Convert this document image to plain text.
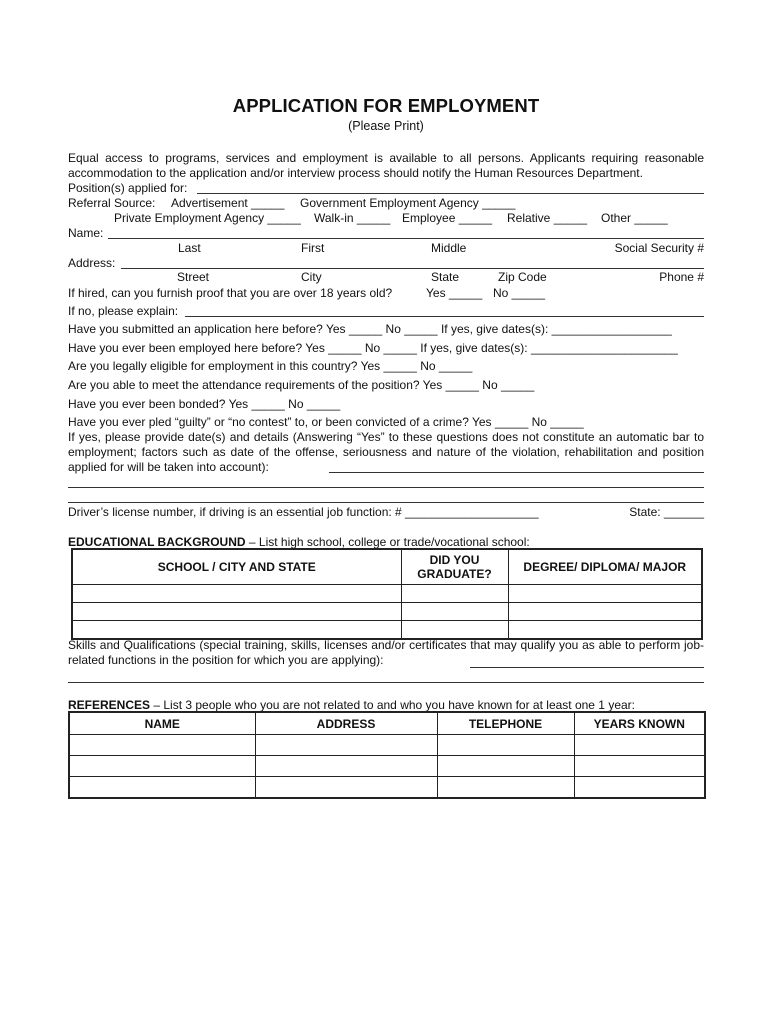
APPLICATION FOR EMPLOYMENT
(Please Print)
Equal access to programs, services and employment is available to all persons. Applicants requiring reasonable accommodation to the application and/or interview process should notify the Human Resources Department.
Position(s) applied for:
Referral Source: Advertisement _____ Government Employment Agency _____
Private Employment Agency _____ Walk-in _____ Employee _____ Relative _____ Other _____
Name:
Last	First	Middle	Social Security #
Address:
Street	City	State	Zip Code	Phone #
If hired, can you furnish proof that you are over 18 years old?	Yes _____ No _____
If no, please explain:
Have you submitted an application here before? Yes _____ No _____ If yes, give dates(s): __________________
Have you ever been employed here before? Yes _____ No _____ If yes, give dates(s): ______________________
Are you legally eligible for employment in this country? Yes _____ No _____
Are you able to meet the attendance requirements of the position? Yes _____ No _____
Have you ever been bonded? Yes _____ No _____
Have you ever pled “guilty” or “no contest” to, or been convicted of a crime? Yes _____ No _____
If yes, please provide date(s) and details (Answering “Yes” to these questions does not constitute an automatic bar to employment; factors such as date of the offense, seriousness and nature of the violation, rehabilitation and position applied for will be taken into account):
Driver’s license number, if driving is an essential job function: # ____________________	State: ______
EDUCATIONAL BACKGROUND – List high school, college or trade/vocational school:
SCHOOL / CITY AND STATE	DID YOU GRADUATE?	DEGREE/ DIPLOMA/ MAJOR

Skills and Qualifications (special training, skills, licenses and/or certificates that may qualify you as able to perform job-related functions in the position for which you are applying):
REFERENCES – List 3 people who you are not related to and who you have known for at least one 1 year:
NAME	ADDRESS	TELEPHONE	YEARS KNOWN
